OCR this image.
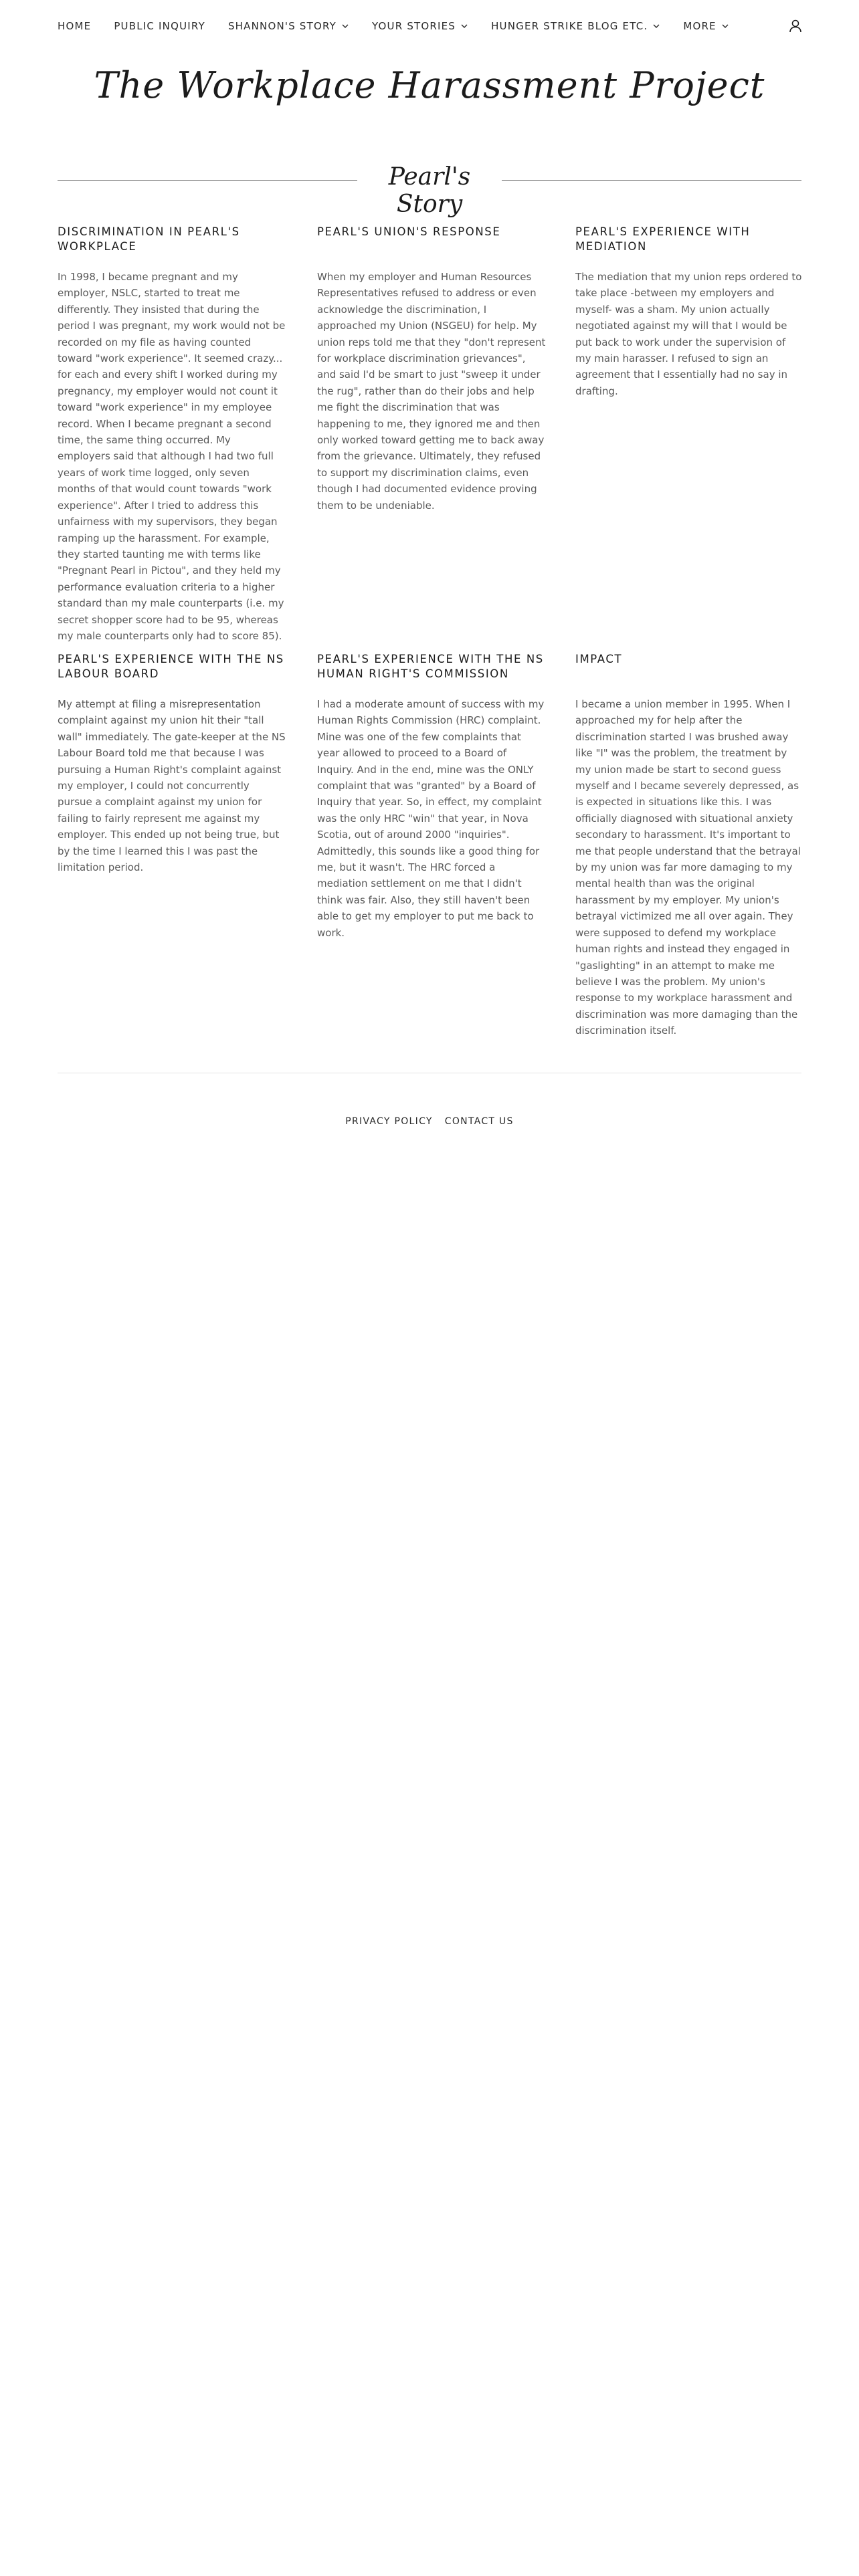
HOME PUBLIC INQUIRY SHANNON'S STORY	YOUR STORIES	HUNGER STRIKE BLOG ETC.	MORE
The Workplace Harassment Project
Pearl's Story
DISCRIMINATION IN PEARL'S WORKPLACE

In 1998, I became pregnant and my employer, NSLC, started to treat me differently. They insisted that during the period I was pregnant, my work would not be recorded on my file as having counted toward "work experience". It seemed crazy... for each and every shift I worked during my pregnancy, my employer would not count it toward "work experience" in my employee record. When I became pregnant a second time, the same thing occurred. My employers said that although I had two full years of work time logged, only seven months of that would count towards "work experience". After I tried to address this unfairness with my supervisors, they began ramping up the harassment. For example, they started taunting me with terms like "Pregnant Pearl in Pictou", and they held my performance evaluation criteria to a higher standard than my male counterparts (i.e. my secret shopper score had to be 95, whereas my male counterparts only had to score 85).

PEARL'S UNION'S RESPONSE

When my employer and Human Resources Representatives refused to address or even acknowledge the discrimination, I approached my Union (NSGEU) for help. My union reps told me that they "don't represent for workplace discrimination grievances", and said I'd be smart to just "sweep it under the rug", rather than do their jobs and help me fight the discrimination that was happening to me, they ignored me and then only worked toward getting me to back away from the grievance. Ultimately, they refused to support my discrimination claims, even though I had documented evidence proving them to be undeniable.

PEARL'S EXPERIENCE WITH MEDIATION

The mediation that my union reps ordered to take place -between my employers and myself- was a sham. My union actually negotiated against my will that I would be put back to work under the supervision of my main harasser. I refused to sign an agreement that I essentially had no say in drafting.

PEARL'S EXPERIENCE WITH THE NS LABOUR BOARD

My attempt at filing a misrepresentation complaint against my union hit their "tall wall" immediately. The gate-keeper at the NS Labour Board told me that because I was pursuing a Human Right's complaint against my employer, I could not concurrently pursue a complaint against my union for failing to fairly represent me against my employer. This ended up not being true, but by the time I learned this I was past the limitation period.

PEARL'S EXPERIENCE WITH THE NS HUMAN RIGHT'S COMMISSION

I had a moderate amount of success with my Human Rights Commission (HRC) complaint. Mine was one of the few complaints that year allowed to proceed to a Board of Inquiry. And in the end, mine was the ONLY complaint that was "granted" by a Board of Inquiry that year. So, in effect, my complaint was the only HRC "win" that year, in Nova Scotia, out of around 2000 "inquiries". Admittedly, this sounds like a good thing for me, but it wasn't. The HRC forced a mediation settlement on me that I didn't think was fair. Also, they still haven't been able to get my employer to put me back to work.

IMPACT

I became a union member in 1995. When I approached my for help after the discrimination started I was brushed away like "I" was the problem, the treatment by my union made be start to second guess myself and I became severely depressed, as is expected in situations like this. I was officially diagnosed with situational anxiety secondary to harassment. It's important to me that people understand that the betrayal by my union was far more damaging to my mental health than was the original harassment by my employer. My union's betrayal victimized me all over again. They were supposed to defend my workplace human rights and instead they engaged in "gaslighting" in an attempt to make me believe I was the problem. My union's response to my workplace harassment and discrimination was more damaging than the discrimination itself.

PRIVACY POLICY CONTACT US
